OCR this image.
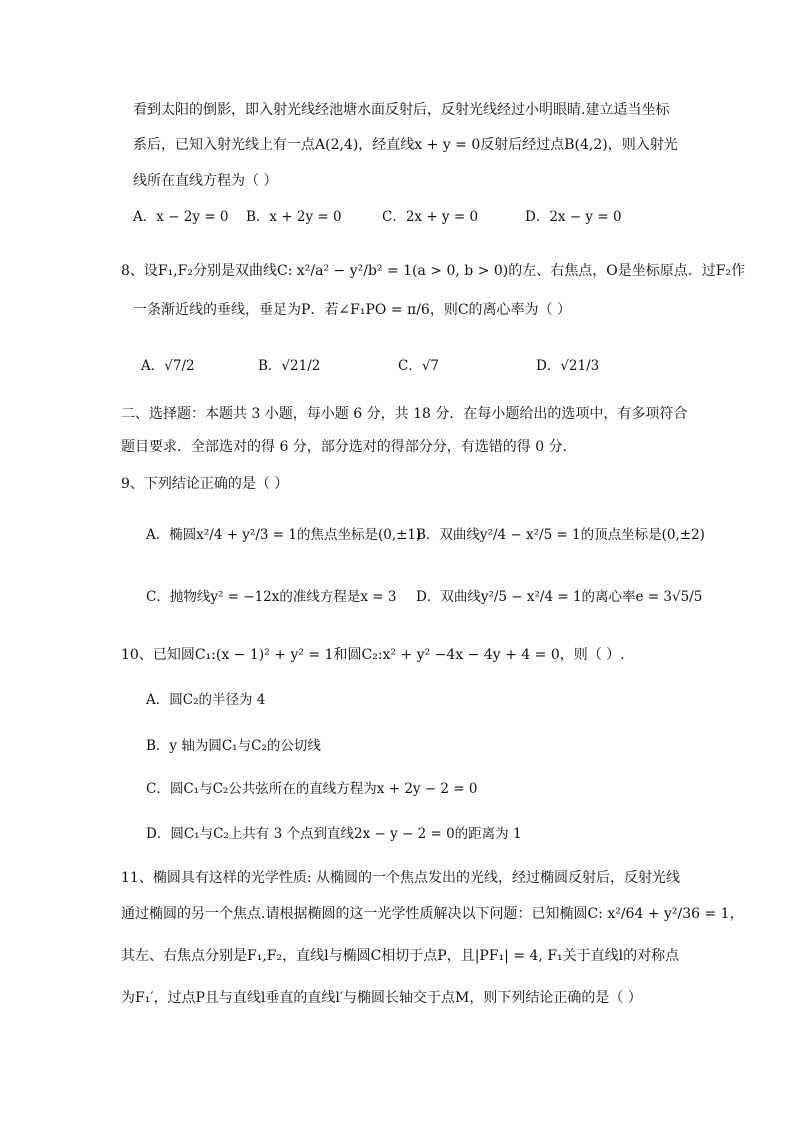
看到太阳的倒影，即入射光线经池塘水面反射后，反射光线经过小明眼睛.建立适当坐标
系后，已知入射光线上有一点A(2,4)，经直线x + y = 0反射后经过点B(4,2)，则入射光
线所在直线方程为（ ）
A．x − 2y = 0 B．x + 2y = 0	C．2x + y = 0	D．2x − y = 0
8、设F₁,F₂分别是双曲线C: x²/a² − y²/b² = 1(a > 0, b > 0)的左、右焦点，O是坐标原点．过F₂作
一条渐近线的垂线，垂足为P．若∠F₁PO = π/6，则C的离心率为（ ）
A．√7/2	B．√21/2	C．√7	D．√21/3
二、选择题：本题共 3 小题，每小题 6 分，共 18 分．在每小题给出的选项中，有多项符合
题目要求．全部选对的得 6 分，部分选对的得部分分，有选错的得 0 分.
9、下列结论正确的是（ ）
A．椭圆x²/4 + y²/3 = 1的焦点坐标是(0,±1)
B．双曲线y²/4 − x²/5 = 1的顶点坐标是(0,±2)
C．抛物线y² = −12x的准线方程是x = 3 D．双曲线y²/5 − x²/4 = 1的离心率e = 3√5/5
10、已知圆C₁:(x − 1)² + y² = 1和圆C₂:x² + y² −4x − 4y + 4 = 0，则（ ）.
A．圆C₂的半径为 4
B．y 轴为圆C₁与C₂的公切线
C．圆C₁与C₂公共弦所在的直线方程为x + 2y − 2 = 0
D．圆C₁与C₂上共有 3 个点到直线2x − y − 2 = 0的距离为 1
11、椭圆具有这样的光学性质: 从椭圆的一个焦点发出的光线，经过椭圆反射后，反射光线
通过椭圆的另一个焦点.请根据椭圆的这一光学性质解决以下问题：已知椭圆C: x²/64 + y²/36 = 1，
其左、右焦点分别是F₁,F₂，直线l与椭圆C相切于点P，且|PF₁| = 4, F₁关于直线l的对称点
为F₁′，过点P且与直线l垂直的直线l′与椭圆长轴交于点M，则下列结论正确的是（ ）
